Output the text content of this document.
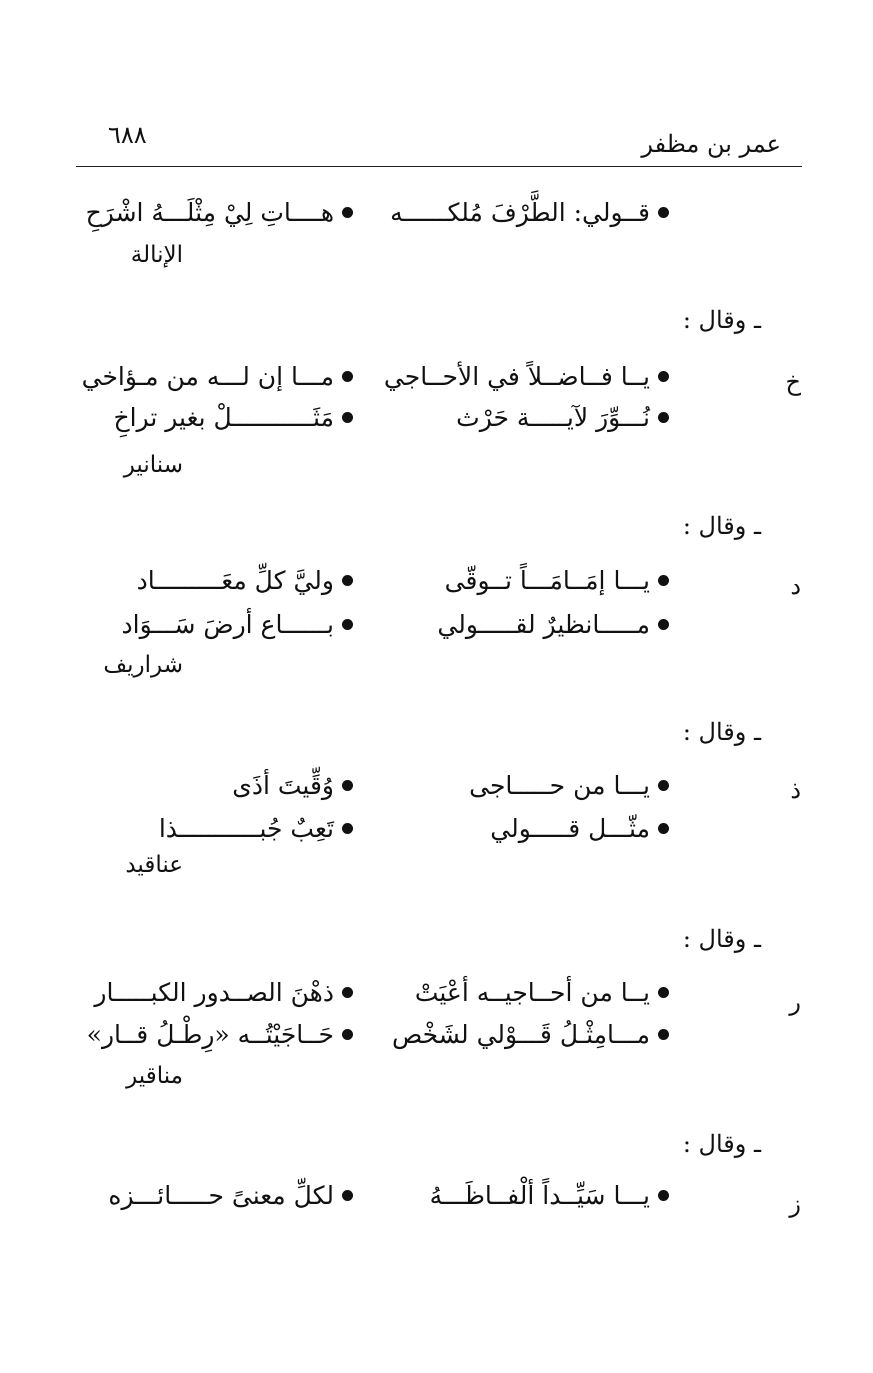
عمر بن مظفر
٦٨٨
قــولي: الطَّرْفَ مُلكــــــه
هــــاتِ لِيْ مِثْلَـــهُ اشْرَحِ
الإنالة
ـ وقال :
خ
يــا فــاضــلاً في الأحــاجي
مـــا إن لـــه من مـؤاخي
نُـــوِّرَ لآيـــــة حَرْث
مَثَـــــــــــلْ بغير تراخِ
سنانير
ـ وقال :
د
يـــا إمَــامَـــاً تــوقّى
وليَّ كلِّ معَـــــــــاد
مـــــانظيرٌ لقـــــولي
بــــــاع أرضَ سَـــوَاد
شراريف
ـ وقال :
ذ
يـــا من حـــــاجى
وُقِّيتَ أذَى
مثّـــل قـــــولي
تَعِبٌ جُبـــــــــــذا
عناقيد
ـ وقال :
ر
يــا من أحــاجيــه أعْيَتْ
ذهْنَ الصــدور الكبـــــار
مـــامِثْـلُ قَـــوْلي لشَخْص
حَــاجَيْتُــه «رِطْـلُ قــار»
مناقير
ـ وقال :
ز
يـــا سَيِّــداً ألْفــاظَـــهُ
لكلِّ معنىً حـــــائـــزه
